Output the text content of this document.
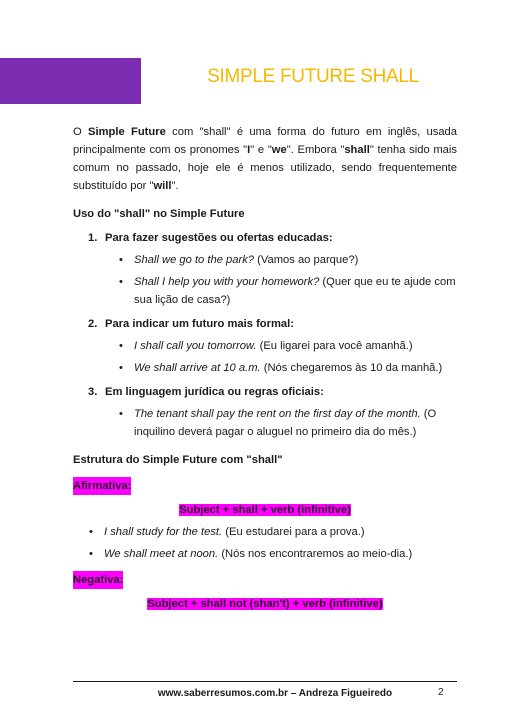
SIMPLE FUTURE SHALL

O Simple Future com "shall" é uma forma do futuro em inglês, usada principalmente com os pronomes "I" e "we". Embora "shall" tenha sido mais comum no passado, hoje ele é menos utilizado, sendo frequentemente substituído por "will".

Uso do "shall" no Simple Future
1. Para fazer sugestões ou ofertas educadas:
• Shall we go to the park? (Vamos ao parque?)
• Shall I help you with your homework? (Quer que eu te ajude com sua lição de casa?)
2. Para indicar um futuro mais formal:
• I shall call you tomorrow. (Eu ligarei para você amanhã.)
• We shall arrive at 10 a.m. (Nós chegaremos às 10 da manhã.)
3. Em linguagem jurídica ou regras oficiais:
• The tenant shall pay the rent on the first day of the month. (O inquilino deverá pagar o aluguel no primeiro dia do mês.)
Estrutura do Simple Future com "shall"
Afirmativa:
Subject + shall + verb (infinitive)
• I shall study for the test. (Eu estudarei para a prova.)
• We shall meet at noon. (Nós nos encontraremos ao meio-dia.)
Negativa:
Subject + shall not (shan't) + verb (infinitive)
www.saberresumos.com.br – Andreza Figueiredo	2
